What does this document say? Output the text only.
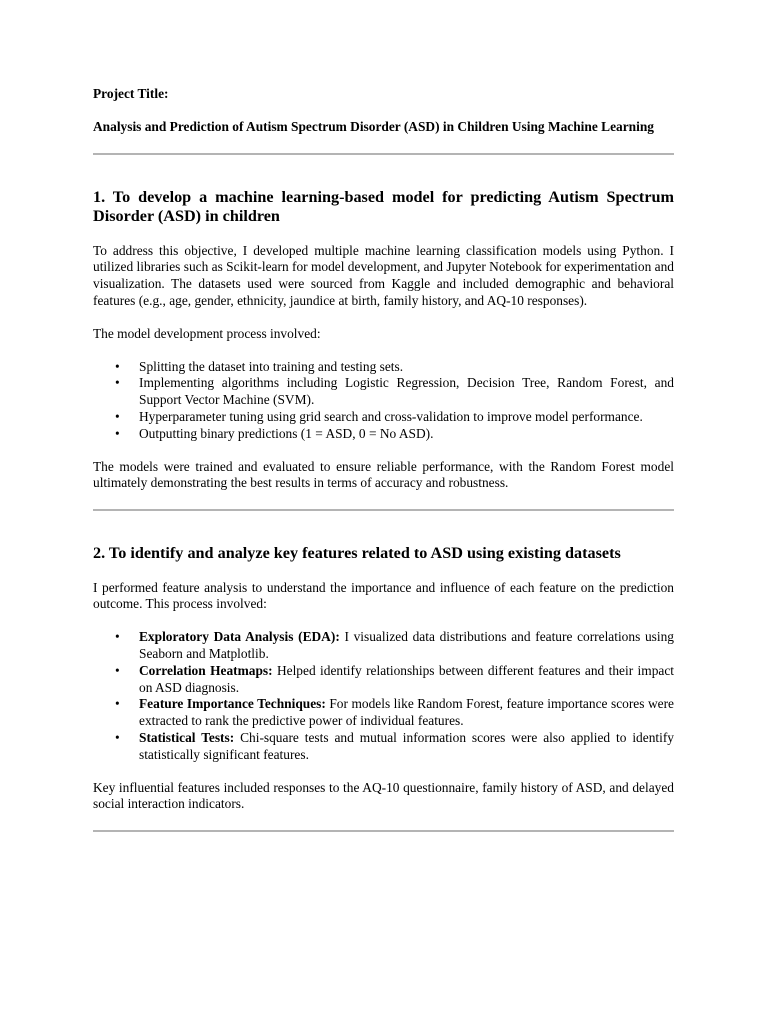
Project Title:

Analysis and Prediction of Autism Spectrum Disorder (ASD) in Children Using Machine Learning

1. To develop a machine learning-based model for predicting Autism Spectrum Disorder (ASD) in children

To address this objective, I developed multiple machine learning classification models using Python. I utilized libraries such as Scikit-learn for model development, and Jupyter Notebook for experimentation and visualization. The datasets used were sourced from Kaggle and included demographic and behavioral features (e.g., age, gender, ethnicity, jaundice at birth, family history, and AQ-10 responses).

The model development process involved:

• Splitting the dataset into training and testing sets.
• Implementing algorithms including Logistic Regression, Decision Tree, Random Forest, and Support Vector Machine (SVM).
• Hyperparameter tuning using grid search and cross-validation to improve model performance.
• Outputting binary predictions (1 = ASD, 0 = No ASD).

The models were trained and evaluated to ensure reliable performance, with the Random Forest model ultimately demonstrating the best results in terms of accuracy and robustness.

2. To identify and analyze key features related to ASD using existing datasets

I performed feature analysis to understand the importance and influence of each feature on the prediction outcome. This process involved:

• Exploratory Data Analysis (EDA): I visualized data distributions and feature correlations using Seaborn and Matplotlib.
• Correlation Heatmaps: Helped identify relationships between different features and their impact on ASD diagnosis.
• Feature Importance Techniques: For models like Random Forest, feature importance scores were extracted to rank the predictive power of individual features.
• Statistical Tests: Chi-square tests and mutual information scores were also applied to identify statistically significant features.

Key influential features included responses to the AQ-10 questionnaire, family history of ASD, and delayed social interaction indicators.
